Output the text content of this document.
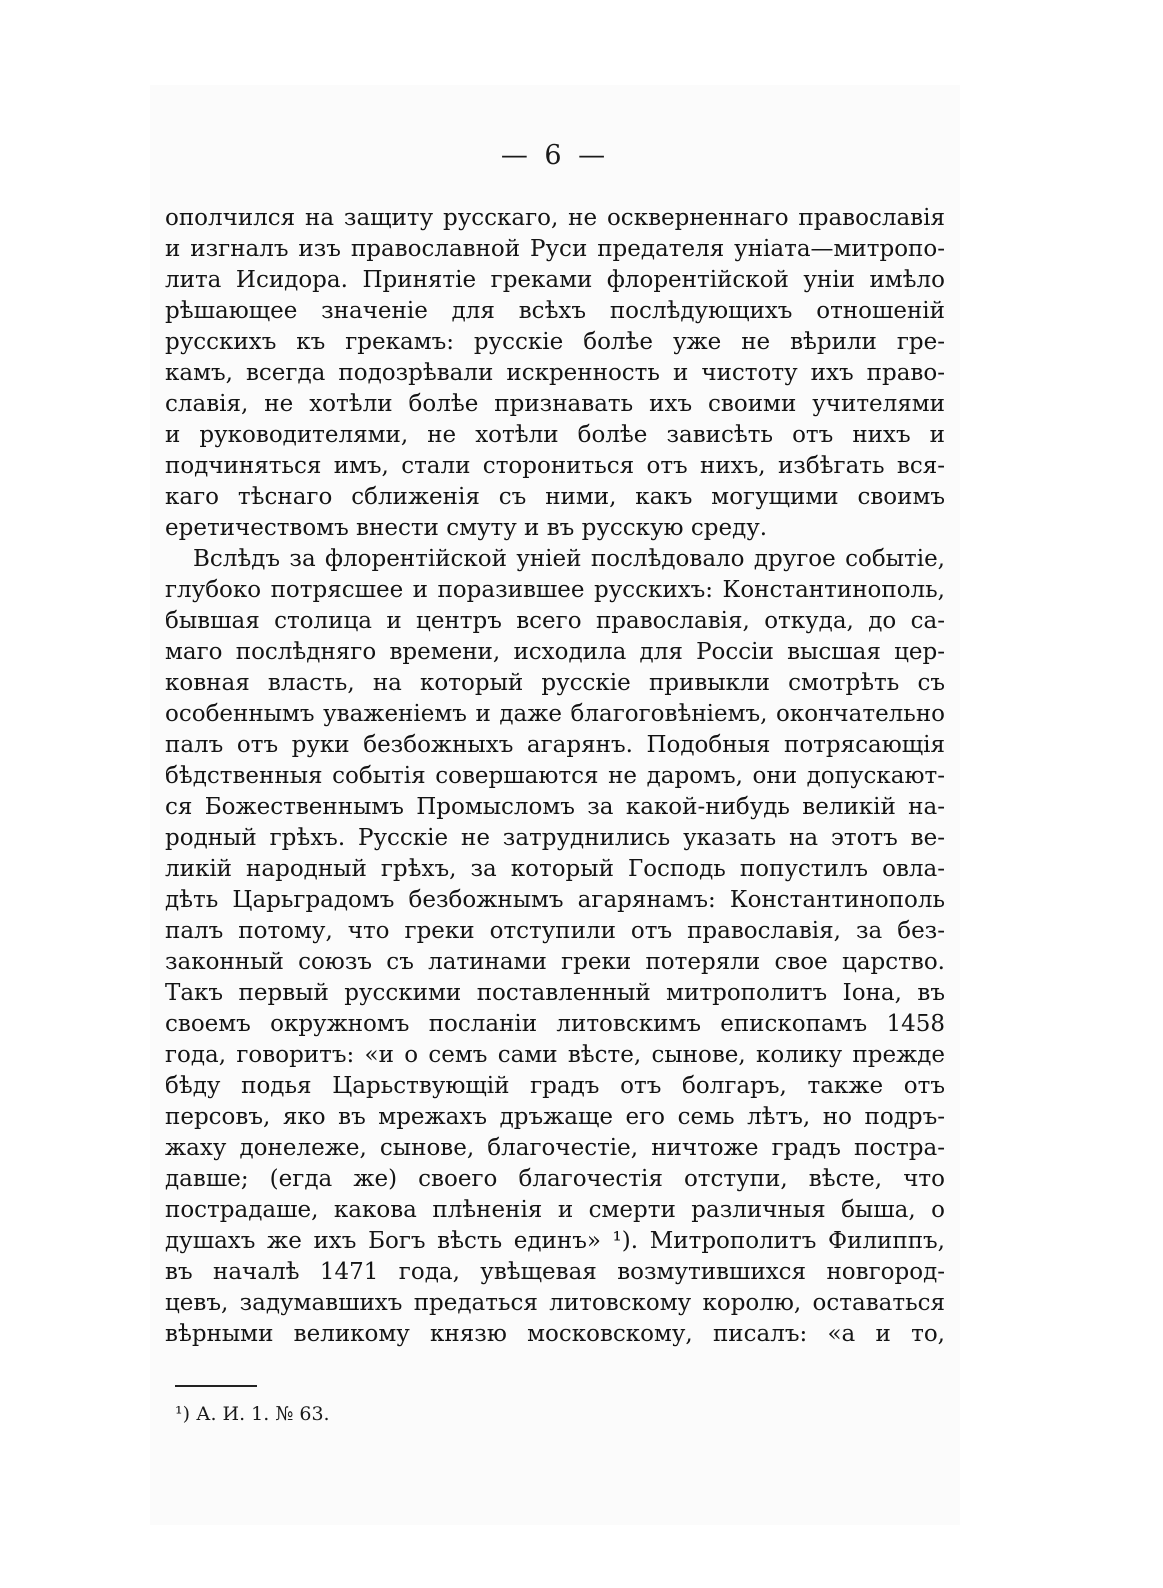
— 6 —
ополчился на защиту русскаго, не оскверненнаго православія
и изгналъ изъ православной Руси предателя уніата—митропо-
лита Исидора. Принятіе греками флорентійской уніи имѣло
рѣшающее значеніе для всѣхъ послѣдующихъ отношеній
русскихъ къ грекамъ: русскіе болѣе уже не вѣрили гре-
камъ, всегда подозрѣвали искренность и чистоту ихъ право-
славія, не хотѣли болѣе признавать ихъ своими учителями
и руководителями, не хотѣли болѣе зависѣть отъ нихъ и
подчиняться имъ, стали сторониться отъ нихъ, избѣгать вся-
каго тѣснаго сближенія съ ними, какъ могущими своимъ
еретичествомъ внести смуту и въ русскую среду.
Вслѣдъ за флорентійской уніей послѣдовало другое событіе,
глубоко потрясшее и поразившее русскихъ: Константинополь,
бывшая столица и центръ всего православія, откуда, до са-
маго послѣдняго времени, исходила для Россіи высшая цер-
ковная власть, на который русскіе привыкли смотрѣть съ
особеннымъ уваженіемъ и даже благоговѣніемъ, окончательно
палъ отъ руки безбожныхъ агарянъ. Подобныя потрясающія
бѣдственныя событія совершаются не даромъ, они допускают-
ся Божественнымъ Промысломъ за какой-нибудь великій на-
родный грѣхъ. Русскіе не затруднились указать на этотъ ве-
ликій народный грѣхъ, за который Господь попустилъ овла-
дѣть Царьградомъ безбожнымъ агарянамъ: Константинополь
палъ потому, что греки отступили отъ православія, за без-
законный союзъ съ латинами греки потеряли свое царство.
Такъ первый русскими поставленный митрополитъ Іона, въ
своемъ окружномъ посланіи литовскимъ епископамъ 1458
года, говоритъ: «и о семъ сами вѣсте, сынове, колику прежде
бѣду подья Царьствующій градъ отъ болгаръ, также отъ
персовъ, яко въ мрежахъ дръжаще его семь лѣтъ, но подръ-
жаху донележе, сынове, благочестіе, ничтоже градъ пострa-
давше; (егда же) своего благочестія отступи, вѣсте, что
пострадаше, какова плѣненія и смерти различныя быша, о
душахъ же ихъ Богъ вѣсть единъ» ¹). Митрополитъ Филиппъ,
въ началѣ 1471 года, увѣщевая возмутившихся новгород-
цевъ, задумавшихъ предаться литовскому королю, оставаться
вѣрными великому князю московскому, писалъ: «а и то,
¹) А. И. 1. № 63.
